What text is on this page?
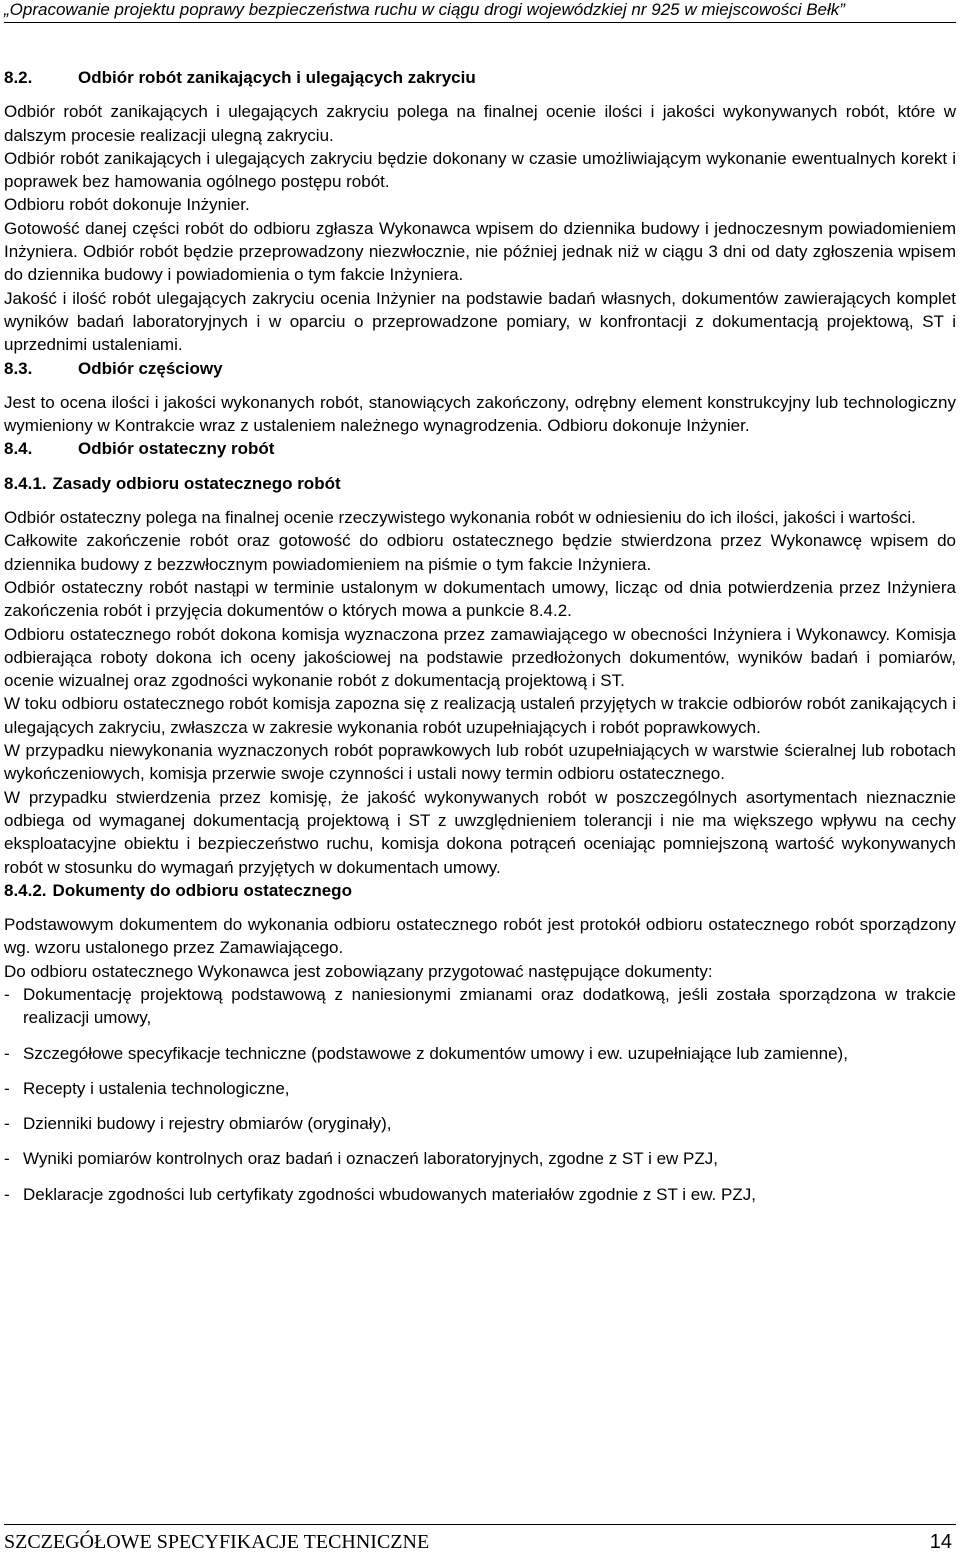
„Opracowanie projektu poprawy bezpieczeństwa ruchu w ciągu drogi wojewódzkiej nr 925 w miejscowości Bełk”
8.2.	Odbiór robót zanikających i ulegających zakryciu

Odbiór robót zanikających i ulegających zakryciu polega na finalnej ocenie ilości i jakości wykonywanych robót, które w dalszym procesie realizacji ulegną zakryciu.

Odbiór robót zanikających i ulegających zakryciu będzie dokonany w czasie umożliwiającym wykonanie ewentualnych korekt i poprawek bez hamowania ogólnego postępu robót.

Odbioru robót dokonuje Inżynier.

Gotowość danej części robót do odbioru zgłasza Wykonawca wpisem do dziennika budowy i jednoczesnym powiadomieniem Inżyniera. Odbiór robót będzie przeprowadzony niezwłocznie, nie później jednak niż w ciągu 3 dni od daty zgłoszenia wpisem do dziennika budowy i powiadomienia o tym fakcie Inżyniera.

Jakość i ilość robót ulegających zakryciu ocenia Inżynier na podstawie badań własnych, dokumentów zawierających komplet wyników badań laboratoryjnych i w oparciu o przeprowadzone pomiary, w konfrontacji z dokumentacją projektową, ST i uprzednimi ustaleniami.

8.3.	Odbiór częściowy

Jest to ocena ilości i jakości wykonanych robót, stanowiących zakończony, odrębny element konstrukcyjny lub technologiczny wymieniony w Kontrakcie wraz z ustaleniem należnego wynagrodzenia. Odbioru dokonuje Inżynier.

8.4.	Odbiór ostateczny robót
8.4.1. Zasady odbioru ostatecznego robót

Odbiór ostateczny polega na finalnej ocenie rzeczywistego wykonania robót w odniesieniu do ich ilości, jakości i wartości.

Całkowite zakończenie robót oraz gotowość do odbioru ostatecznego będzie stwierdzona przez Wykonawcę wpisem do dziennika budowy z bezzwłocznym powiadomieniem na piśmie o tym fakcie Inżyniera.

Odbiór ostateczny robót nastąpi w terminie ustalonym w dokumentach umowy, licząc od dnia potwierdzenia przez Inżyniera zakończenia robót i przyjęcia dokumentów o których mowa a punkcie 8.4.2.

Odbioru ostatecznego robót dokona komisja wyznaczona przez zamawiającego w obecności Inżyniera i Wykonawcy. Komisja odbierająca roboty dokona ich oceny jakościowej na podstawie przedłożonych dokumentów, wyników badań i pomiarów, ocenie wizualnej oraz zgodności wykonanie robót z dokumentacją projektową i ST.

W toku odbioru ostatecznego robót komisja zapozna się z realizacją ustaleń przyjętych w trakcie odbiorów robót zanikających i ulegających zakryciu, zwłaszcza w zakresie wykonania robót uzupełniających i robót poprawkowych.

W przypadku niewykonania wyznaczonych robót poprawkowych lub robót uzupełniających w warstwie ścieralnej lub robotach wykończeniowych, komisja przerwie swoje czynności i ustali nowy termin odbioru ostatecznego.

W przypadku stwierdzenia przez komisję, że jakość wykonywanych robót w poszczególnych asortymentach nieznacznie odbiega od wymaganej dokumentacją projektową i ST z uwzględnieniem tolerancji i nie ma większego wpływu na cechy eksploatacyjne obiektu i bezpieczeństwo ruchu, komisja dokona potrąceń oceniając pomniejszoną wartość wykonywanych robót w stosunku do wymagań przyjętych w dokumentach umowy.

8.4.2. Dokumenty do odbioru ostatecznego

Podstawowym dokumentem do wykonania odbioru ostatecznego robót jest protokół odbioru ostatecznego robót sporządzony wg. wzoru ustalonego przez Zamawiającego.

Do odbioru ostatecznego Wykonawca jest zobowiązany przygotować następujące dokumenty:

- Dokumentację projektową podstawową z naniesionymi zmianami oraz dodatkową, jeśli została sporządzona w trakcie realizacji umowy,
- Szczegółowe specyfikacje techniczne (podstawowe z dokumentów umowy i ew. uzupełniające lub zamienne),
- Recepty i ustalenia technologiczne,
- Dzienniki budowy i rejestry obmiarów (oryginały),
- Wyniki pomiarów kontrolnych oraz badań i oznaczeń laboratoryjnych, zgodne z ST i ew PZJ,
- Deklaracje zgodności lub certyfikaty zgodności wbudowanych materiałów zgodnie z ST i ew. PZJ,
SZCZEGÓŁOWE SPECYFIKACJE TECHNICZNE	14
